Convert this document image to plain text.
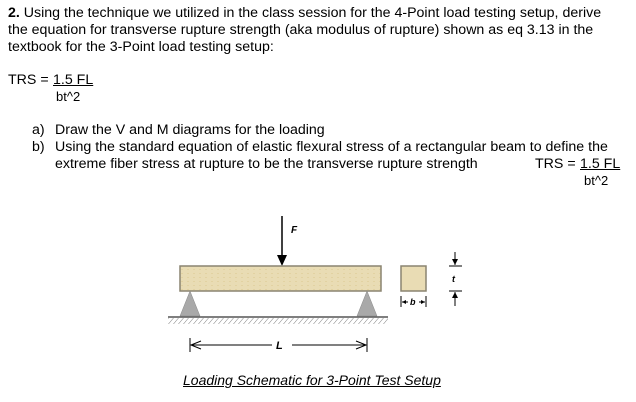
2. Using the technique we utilized in the class session for the 4-Point load testing setup, derive
the equation for transverse rupture strength (aka modulus of rupture) shown as eq 3.13 in the
textbook for the 3-Point load testing setup:
TRS = 1.5 FL
bt^2
a) Draw the V and M diagrams for the loading
b) Using the standard equation of elastic flexural stress of a rectangular beam to define the
extreme fiber stress at rupture to be the transverse rupture strength	TRS = 1.5 FL
bt^2
F
L
b
t
Loading Schematic for 3-Point Test Setup
